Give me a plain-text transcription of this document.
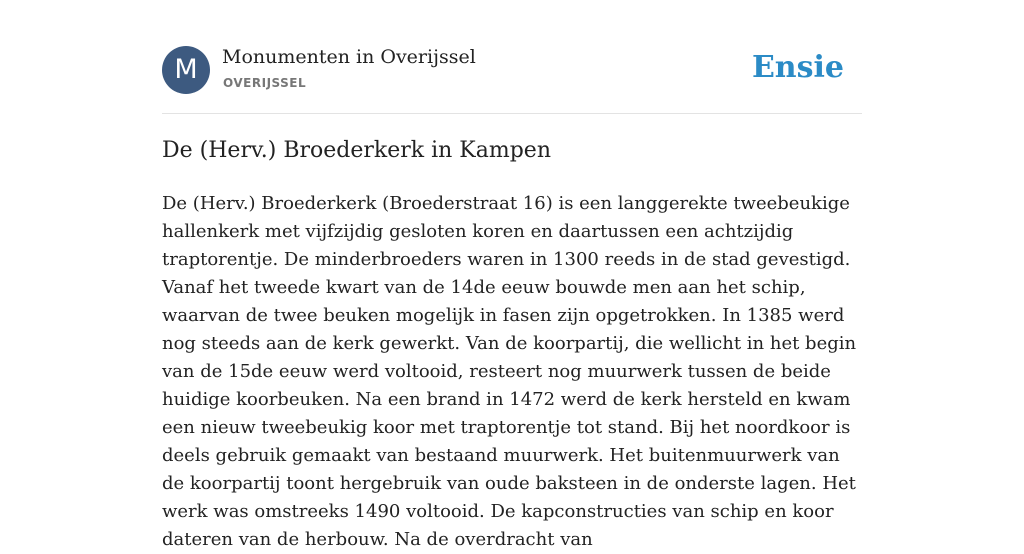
M	Monumenten in Overijssel
OVERIJSSEL	Ensie
De (Herv.) Broederkerk in Kampen

De (Herv.) Broederkerk (Broederstraat 16) is een langgerekte tweebeukige hallenkerk met vijfzijdig gesloten koren en daartussen een achtzijdig traptorentje. De minderbroeders waren in 1300 reeds in de stad gevestigd. Vanaf het tweede kwart van de 14de eeuw bouwde men aan het schip, waarvan de twee beuken mogelijk in fasen zijn opgetrokken. In 1385 werd nog steeds aan de kerk gewerkt. Van de koorpartij, die wellicht in het begin van de 15de eeuw werd voltooid, resteert nog muurwerk tussen de beide huidige koorbeuken. Na een brand in 1472 werd de kerk hersteld en kwam een nieuw tweebeukig koor met traptorentje tot stand. Bij het noordkoor is deels gebruik gemaakt van bestaand muurwerk. Het buitenmuurwerk van de koorpartij toont hergebruik van oude baksteen in de onderste lagen. Het werk was omstreeks 1490 voltooid. De kapconstructies van schip en koor dateren van de herbouw. Na de overdracht van
